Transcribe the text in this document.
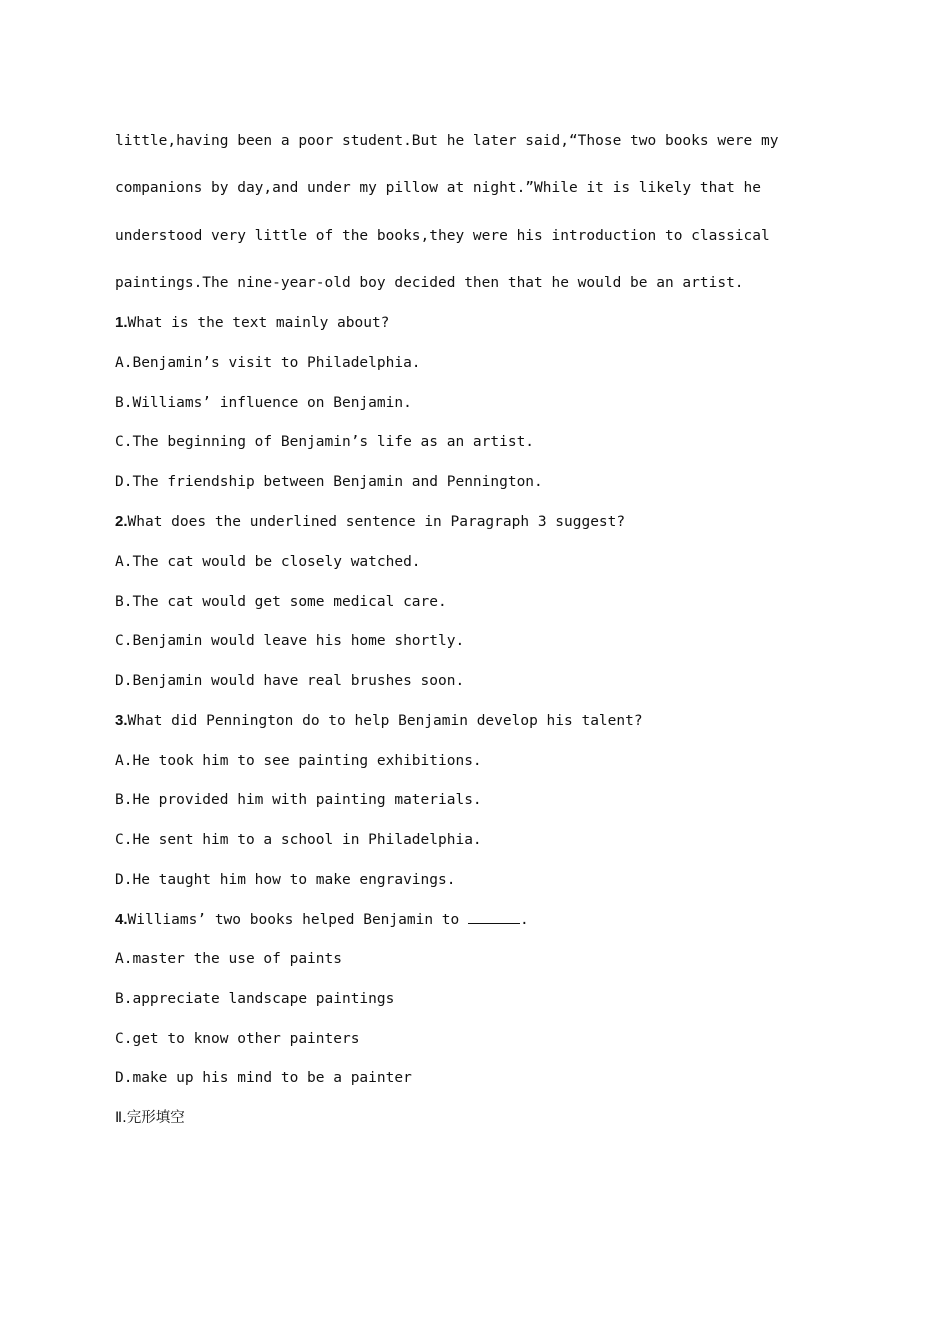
little,having been a poor student.But he later said,“Those two books were my
companions by day,and under my pillow at night.”While it is likely that he
understood very little of the books,they were his introduction to classical
paintings.The nine-year-old boy decided then that he would be an artist.
1.What is the text mainly about?
A.Benjamin’s visit to Philadelphia.
B.Williams’ influence on Benjamin.
C.The beginning of Benjamin’s life as an artist.
D.The friendship between Benjamin and Pennington.
2.What does the underlined sentence in Paragraph 3 suggest?
A.The cat would be closely watched.
B.The cat would get some medical care.
C.Benjamin would leave his home shortly.
D.Benjamin would have real brushes soon.
3.What did Pennington do to help Benjamin develop his talent?
A.He took him to see painting exhibitions.
B.He provided him with painting materials.
C.He sent him to a school in Philadelphia.
D.He taught him how to make engravings.
4.Williams’ two books helped Benjamin to	.
A.master the use of paints
B.appreciate landscape paintings
C.get to know other painters
D.make up his mind to be a painter
Ⅱ.完形填空
